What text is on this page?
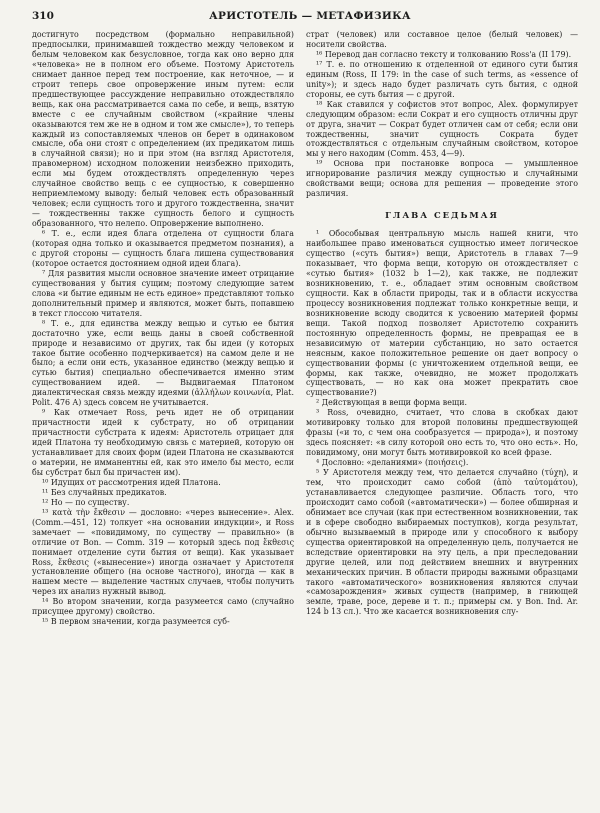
310	АРИСТОТЕЛЬ — МЕТАФИЗИКА

достигнуто посредством (формально неправильной) предпосылки, принимавшей тождество между человеком и белым человеком как безусловное, тогда как оно верно для «человека» не в полном его объеме. Поэтому Аристотель снимает данное перед тем построение, как неточное, — и строит теперь свое опровержение иным путем: если предшествующее рассуждение неправильно отождествляло вещь, как она рассматривается сама по себе, и вещь, взятую вместе с ее случайным свойством («крайние члены оказываются тем же не в одном и том же смысле»), то теперь каждый из сопоставляемых членов он берет в одинаковом смысле, оба они стоят с определением (их предикатом лишь в случайной связи); но и при этом (на взгляд Аристотеля, правомерном) исходном положении неизбежно приходить, если мы будем отождествлять определенную через случайное свойство вещь с ее сущностью, к совершенно неприемлемому выводу: белый человек есть образованный человек; если сущность того и другого тождественна, значит — тождественны также сущность белого и сущность образованного, что нелепо. Опровержение выполнено.

⁶ Т. е., если идея блага отделена от сущности блага (которая одна только и оказывается предметом познания), а с другой стороны — сущность блага лишена существования (которое остается достоянием одной идеи блага).

⁷ Для развития мысли основное значение имеет отрицание существования у бытия сущим; поэтому следующие затем слова «и бытие единым не есть единое» представляют только дополнительный пример и являются, может быть, попавшею в текст глоссою читателя.

⁸ Т. е., для единства между вещью и сутью ее бытия достаточно уже, если вещь даны в своей собственной природе и независимо от других, так бы идеи (у которых такое бытие особенно подчеркивается) на самом деле и не было; а если они есть, указанное единство (между вещью и сутью бытия) специально обеспечивается именно этим существованием идей. — Выдвигаемая Платоном диалектическая связь между идеями (ἀλλήλων κοινωνία, Plat. Polit. 476 A) здесь совсем не учитывается.

⁹ Как отмечает Ross, речь идет не об отрицании причастности идей к субстрату, но об отрицании причастности субстрата к идеям: Аристотель отрицает для идей Платона ту необходимую связь с материей, которую он устанавливает для своих форм (идеи Платона не сказываются о материи, не имманентны ей, как это имело бы место, если бы субстрат был бы причастен им).

¹⁰ Идущих от рассмотрения идей Платона.

¹¹ Без случайных предикатов.

¹² Но — по существу.

¹³ κατὰ τὴν ἔκθεσιν — дословно: «через вынесение». Alex. (Comm.—451, 12) толкует «на основании индукции», и Ross замечает — «повидимому, по существу — правильно» (в отличие от Bon. — Comm. 319 — который здесь под ἔκθεσις понимает отделение сути бытия от вещи). Как указывает Ross, ἔκθεσις («вынесение») иногда означает у Аристотеля установление общего (на основе частного), иногда — как в нашем месте — выделение частных случаев, чтобы получить через их анализ нужный вывод.

¹⁴ Во втором значении, когда разумеется само (случайно присущее другому) свойство.

¹⁵ В первом значении, когда разумеется суб-

страт (человек) или составное целое (белый человек) — носители свойства.

¹⁶ Перевод дан согласно тексту и толкованию Ross'а (II 179).

¹⁷ Т. е. по отношению к отделенной от единого сути бытия единым (Ross, II 179: in the case of such terms, as «essence of unity»); и здесь надо будет различать суть бытия, с одной стороны, ее суть бытия — с другой.

¹⁸ Как ставился у софистов этот вопрос, Alex. формулирует следующим образом: если Сократ и его сущность отличны друг от друга, значит — Сократ будет отличен сам от себя; если они тождественны, значит сущность Сократа будет отождествляться с отдельным случайным свойством, которое мы у него находим (Comm. 453, 4—9).

¹⁹ Основа при постановке вопроса — умышленное игнорирование различия между сущностью и случайными свойствами вещи; основа для решения — проведение этого различия.

ГЛАВА СЕДЬМАЯ

¹ Обособывая центральную мысль нашей книги, что наибольшее право именоваться сущностью имеет логическое существо («суть бытия») вещи, Аристотель в главах 7—9 показывает, что форма вещи, которую он отождествляет с «сутью бытия» (1032 b 1—2), как также, не подлежит возникновению, т. е., обладает этим основным свойством сущности. Как в области природы, так и в области искусства процессу возникновения подлежат только конкретные вещи, и возникновение всюду сводится к усвоению материей формы вещи. Такой подход позволяет Аристотелю сохранить постоянную определенность формы, не превращая ее в независимую от материи субстанцию, но зато остается неясным, какое положительное решение он дает вопросу о существовании формы (с уничтожением отдельной вещи, ее формы, как также, очевидно, не может продолжать существовать, — но как она может прекратить свое существование?)

² Действующая в вещи форма вещи.

³ Ross, очевидно, считает, что слова в скобках дают мотивировку только для второй половины предшествующей фразы («и то, с чем она сообразуется — природа»), и поэтому здесь поясняет: «в силу которой оно есть то, что оно есть». Но, повидимому, они могут быть мотивировкой ко всей фразе.

⁴ Дословно: «деланиями» (ποιήσεις).

⁵ У Аристотеля между тем, что делается случайно (τύχη), и тем, что происходит само собой (ἀπὸ ταὐτομάτου), устанавливается следующее различие. Область того, что происходит само собой («автоматически») — более обширная и обнимает все случаи (как при естественном возникновении, так и в сфере свободно выбираемых поступков), когда результат, обычно вызываемый в природе или у способного к выбору существа ориентировкой на определенную цель, получается не вследствие ориентировки на эту цель, а при преследовании другие целей, или под действием внешних и внутренних механических причин. В области природы важными образцами такого «автоматического» возникновения являются случаи «самозарождения» живых существ (например, в гниющей земле, траве, росе, дереве и т. п.; примеры см. у Bon. Ind. Ar. 124 b 13 сл.). Что же касается возникновения слу-
